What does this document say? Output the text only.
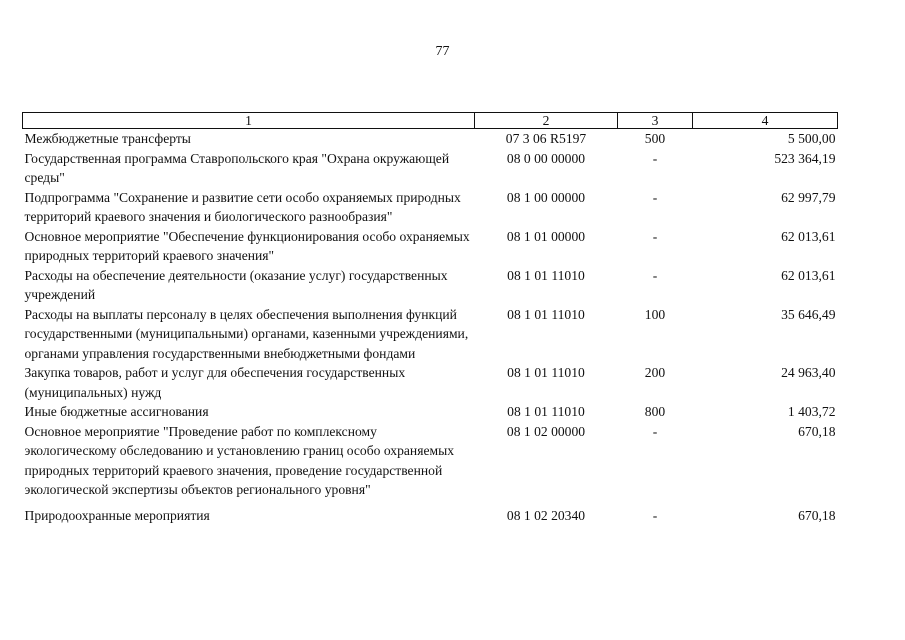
77
1	2	3	4
Межбюджетные трансферты	07 3 06 R5197	500	5 500,00
Государственная программа Ставропольского края "Охрана окружающей среды"	08 0 00 00000	-	523 364,19
Подпрограмма "Сохранение и развитие сети особо охраняемых природных территорий краевого значения и биологического разнообразия"	08 1 00 00000	-	62 997,79
Основное мероприятие "Обеспечение функционирования особо охраняемых природных территорий краевого значения"	08 1 01 00000	-	62 013,61
Расходы на обеспечение деятельности (оказание услуг) государственных учреждений	08 1 01 11010	-	62 013,61
Расходы на выплаты персоналу в целях обеспечения выполнения функций государственными (муниципальными) органами, казенными учреждениями, органами управления государственными внебюджетными фондами	08 1 01 11010	100	35 646,49
Закупка товаров, работ и услуг для обеспечения государственных (муниципальных) нужд	08 1 01 11010	200	24 963,40
Иные бюджетные ассигнования	08 1 01 11010	800	1 403,72
Основное мероприятие "Проведение работ по комплексному экологическому обследованию и установлению границ особо охраняемых природных территорий краевого значения, проведение государственной экологической экспертизы объектов регионального уровня"	08 1 02 00000	-	670,18
Природоохранные мероприятия	08 1 02 20340	-	670,18
